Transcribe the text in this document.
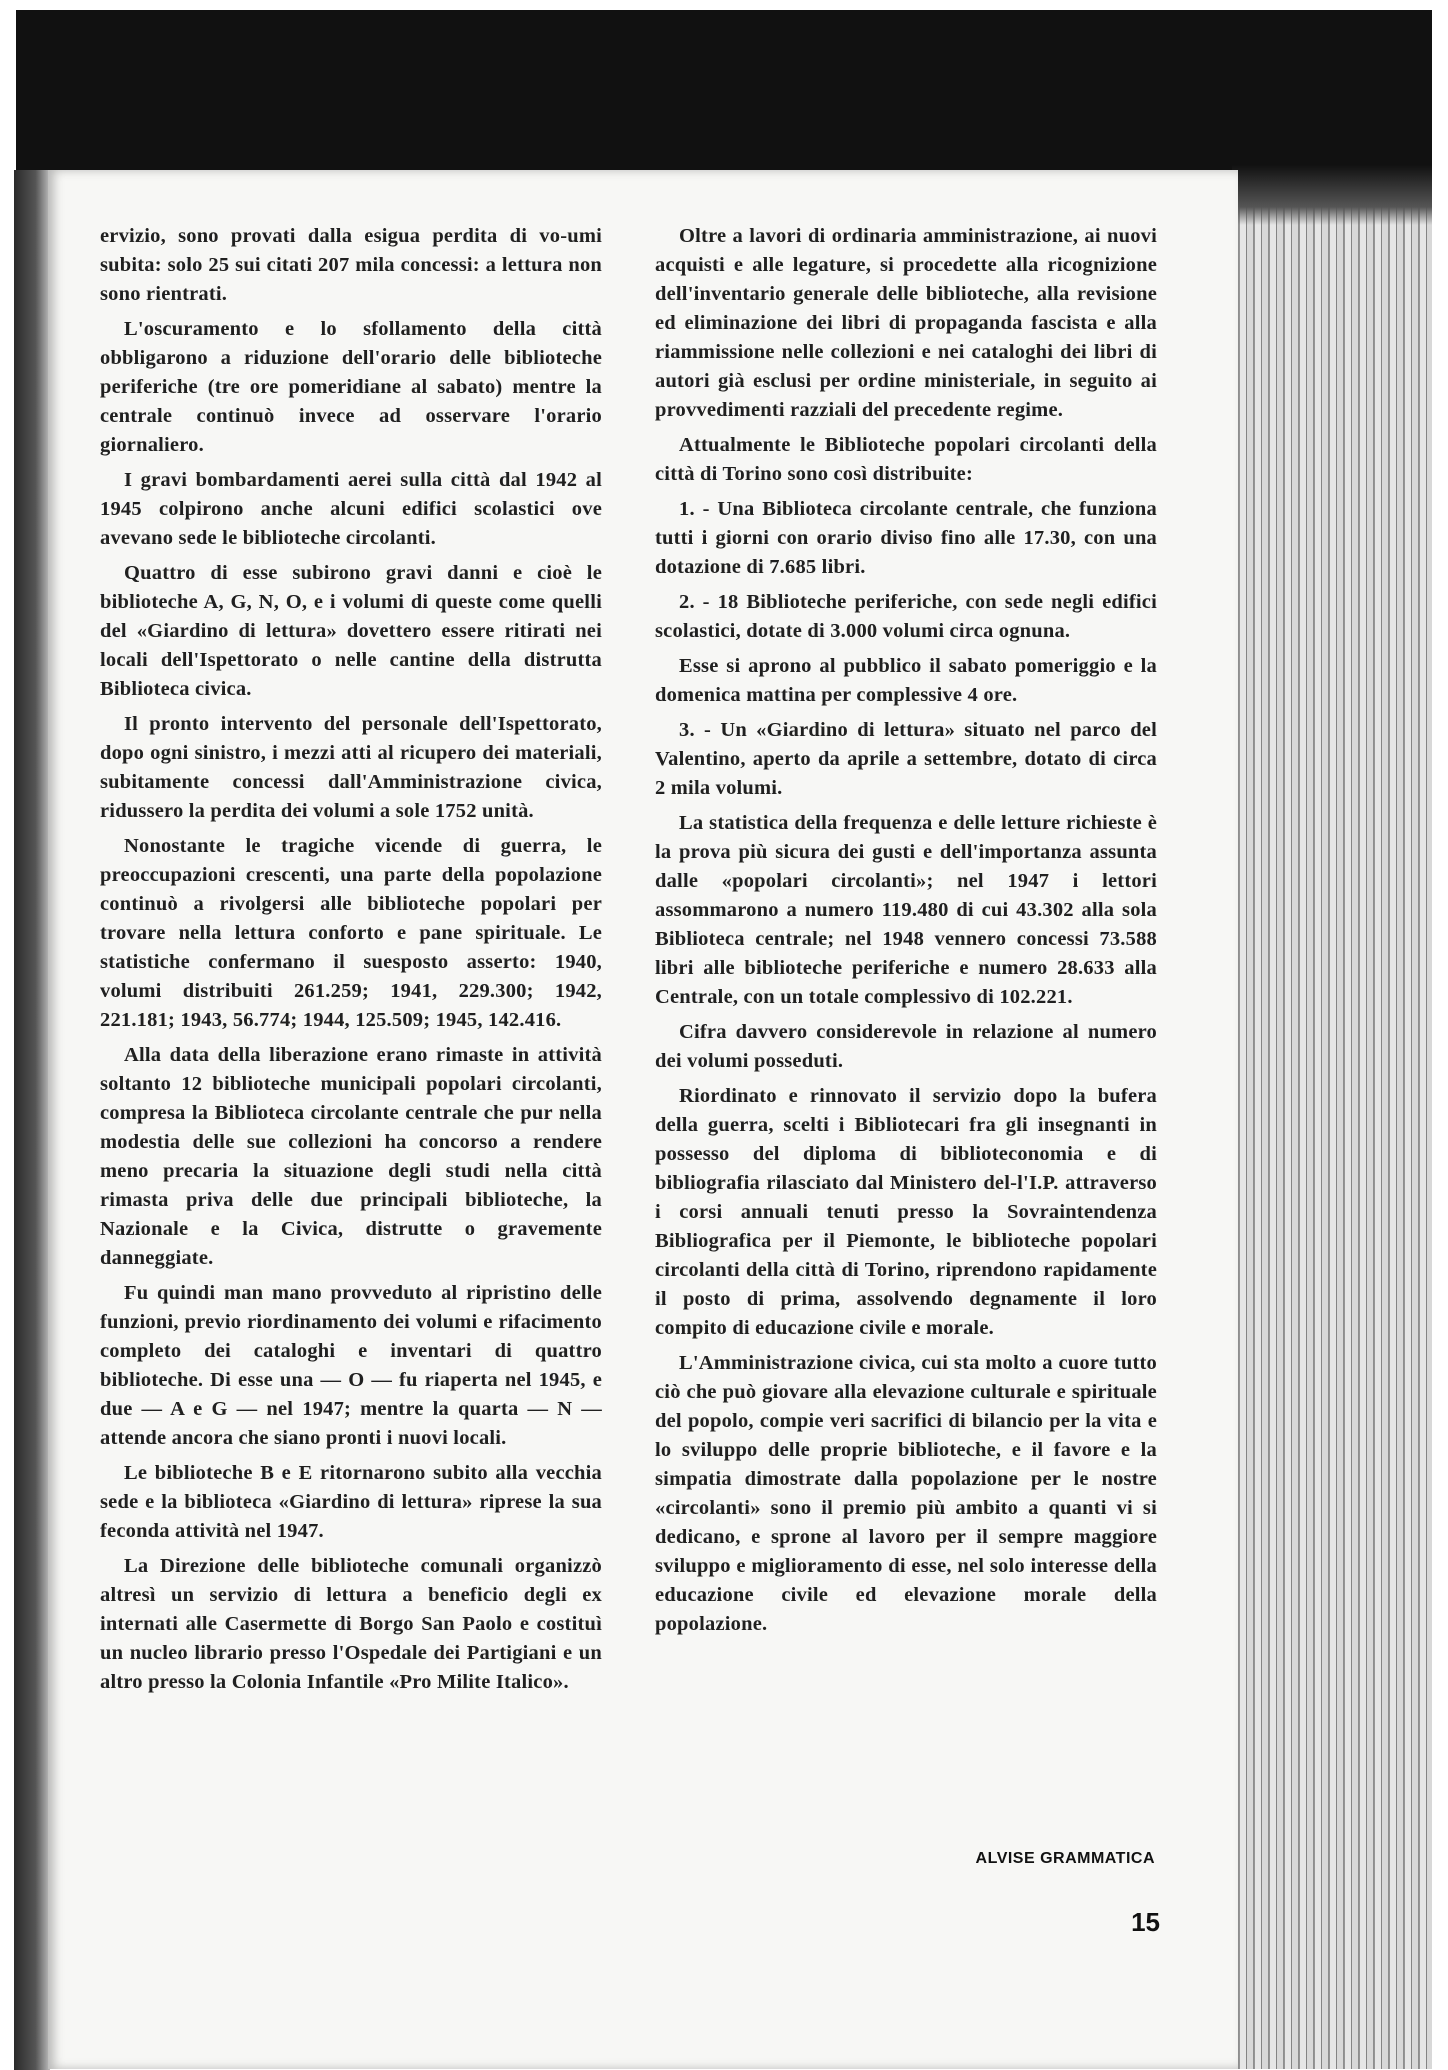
ervizio, sono provati dalla esigua perdita di vo-umi subita: solo 25 sui citati 207 mila concessi: a lettura non sono rientrati.

L'oscuramento e lo sfollamento della città obbligarono a riduzione dell'orario delle biblioteche periferiche (tre ore pomeridiane al sabato) mentre la centrale continuò invece ad osservare l'orario giornaliero.

I gravi bombardamenti aerei sulla città dal 1942 al 1945 colpirono anche alcuni edifici scolastici ove avevano sede le biblioteche circolanti.

Quattro di esse subirono gravi danni e cioè le biblioteche A, G, N, O, e i volumi di queste come quelli del «Giardino di lettura» dovettero essere ritirati nei locali dell'Ispettorato o nelle cantine della distrutta Biblioteca civica.

Il pronto intervento del personale dell'Ispettorato, dopo ogni sinistro, i mezzi atti al ricupero dei materiali, subitamente concessi dall'Amministrazione civica, ridussero la perdita dei volumi a sole 1752 unità.

Nonostante le tragiche vicende di guerra, le preoccupazioni crescenti, una parte della popolazione continuò a rivolgersi alle biblioteche popolari per trovare nella lettura conforto e pane spirituale. Le statistiche confermano il suesposto asserto: 1940, volumi distribuiti 261.259; 1941, 229.300; 1942, 221.181; 1943, 56.774; 1944, 125.509; 1945, 142.416.

Alla data della liberazione erano rimaste in attività soltanto 12 biblioteche municipali popolari circolanti, compresa la Biblioteca circolante centrale che pur nella modestia delle sue collezioni ha concorso a rendere meno precaria la situazione degli studi nella città rimasta priva delle due principali biblioteche, la Nazionale e la Civica, distrutte o gravemente danneggiate.

Fu quindi man mano provveduto al ripristino delle funzioni, previo riordinamento dei volumi e rifacimento completo dei cataloghi e inventari di quattro biblioteche. Di esse una — O — fu riaperta nel 1945, e due — A e G — nel 1947; mentre la quarta — N — attende ancora che siano pronti i nuovi locali.

Le biblioteche B e E ritornarono subito alla vecchia sede e la biblioteca «Giardino di lettura» riprese la sua feconda attività nel 1947.

La Direzione delle biblioteche comunali organizzò altresì un servizio di lettura a beneficio degli ex internati alle Casermette di Borgo San Paolo e costituì un nucleo librario presso l'Ospedale dei Partigiani e un altro presso la Colonia Infantile «Pro Milite Italico».

Oltre a lavori di ordinaria amministrazione, ai nuovi acquisti e alle legature, si procedette alla ricognizione dell'inventario generale delle biblioteche, alla revisione ed eliminazione dei libri di propaganda fascista e alla riammissione nelle collezioni e nei cataloghi dei libri di autori già esclusi per ordine ministeriale, in seguito ai provvedimenti razziali del precedente regime.

Attualmente le Biblioteche popolari circolanti della città di Torino sono così distribuite:

1. - Una Biblioteca circolante centrale, che funziona tutti i giorni con orario diviso fino alle 17.30, con una dotazione di 7.685 libri.

2. - 18 Biblioteche periferiche, con sede negli edifici scolastici, dotate di 3.000 volumi circa ognuna.

Esse si aprono al pubblico il sabato pomeriggio e la domenica mattina per complessive 4 ore.

3. - Un «Giardino di lettura» situato nel parco del Valentino, aperto da aprile a settembre, dotato di circa 2 mila volumi.

La statistica della frequenza e delle letture richieste è la prova più sicura dei gusti e dell'importanza assunta dalle «popolari circolanti»; nel 1947 i lettori assommarono a numero 119.480 di cui 43.302 alla sola Biblioteca centrale; nel 1948 vennero concessi 73.588 libri alle biblioteche periferiche e numero 28.633 alla Centrale, con un totale complessivo di 102.221.

Cifra davvero considerevole in relazione al numero dei volumi posseduti.

Riordinato e rinnovato il servizio dopo la bufera della guerra, scelti i Bibliotecari fra gli insegnanti in possesso del diploma di biblioteconomia e di bibliografia rilasciato dal Ministero del-l'I.P. attraverso i corsi annuali tenuti presso la Sovraintendenza Bibliografica per il Piemonte, le biblioteche popolari circolanti della città di Torino, riprendono rapidamente il posto di prima, assolvendo degnamente il loro compito di educazione civile e morale.

L'Amministrazione civica, cui sta molto a cuore tutto ciò che può giovare alla elevazione culturale e spirituale del popolo, compie veri sacrifici di bilancio per la vita e lo sviluppo delle proprie biblioteche, e il favore e la simpatia dimostrate dalla popolazione per le nostre «circolanti» sono il premio più ambito a quanti vi si dedicano, e sprone al lavoro per il sempre maggiore sviluppo e miglioramento di esse, nel solo interesse della educazione civile ed elevazione morale della popolazione.

ALVISE GRAMMATICA
15
